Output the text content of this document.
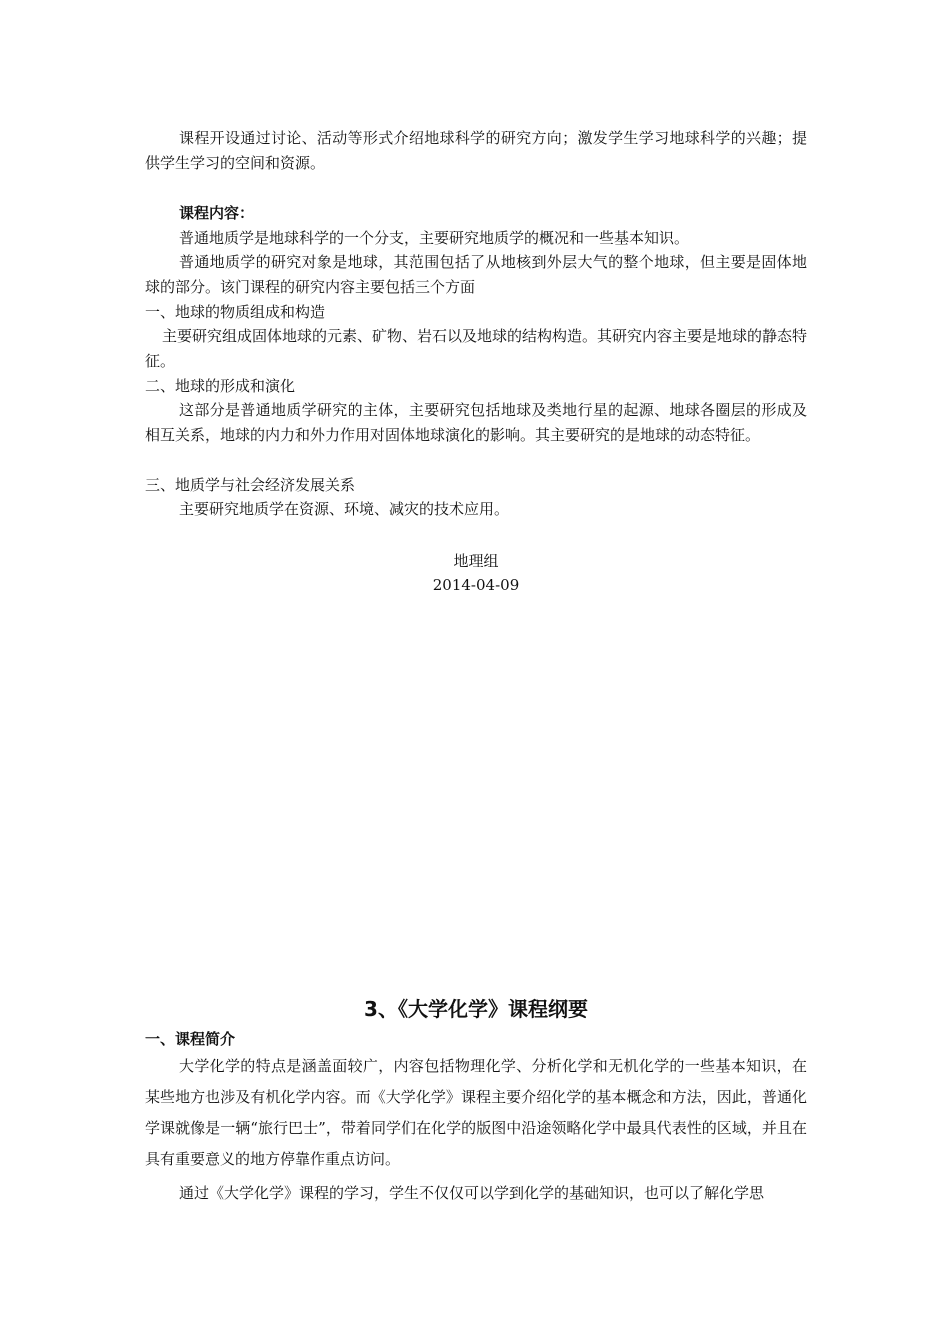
课程开设通过讨论、活动等形式介绍地球科学的研究方向；激发学生学习地球科学的兴趣；提供学生学习的空间和资源。

课程内容：

普通地质学是地球科学的一个分支，主要研究地质学的概况和一些基本知识。

普通地质学的研究对象是地球，其范围包括了从地核到外层大气的整个地球，但主要是固体地球的部分。该门课程的研究内容主要包括三个方面

一、地球的物质组成和构造

主要研究组成固体地球的元素、矿物、岩石以及地球的结构构造。其研究内容主要是地球的静态特征。

二、地球的形成和演化

这部分是普通地质学研究的主体，主要研究包括地球及类地行星的起源、地球各圈层的形成及相互关系，地球的内力和外力作用对固体地球演化的影响。其主要研究的是地球的动态特征。

三、地质学与社会经济发展关系

主要研究地质学在资源、环境、减灾的技术应用。

地理组

2014-04-09

3、《大学化学》课程纲要

一、课程简介

大学化学的特点是涵盖面较广，内容包括物理化学、分析化学和无机化学的一些基本知识，在某些地方也涉及有机化学内容。而《大学化学》课程主要介绍化学的基本概念和方法，因此，普通化学课就像是一辆“旅行巴士”，带着同学们在化学的版图中沿途领略化学中最具代表性的区域，并且在具有重要意义的地方停靠作重点访问。

通过《大学化学》课程的学习，学生不仅仅可以学到化学的基础知识，也可以了解化学思
